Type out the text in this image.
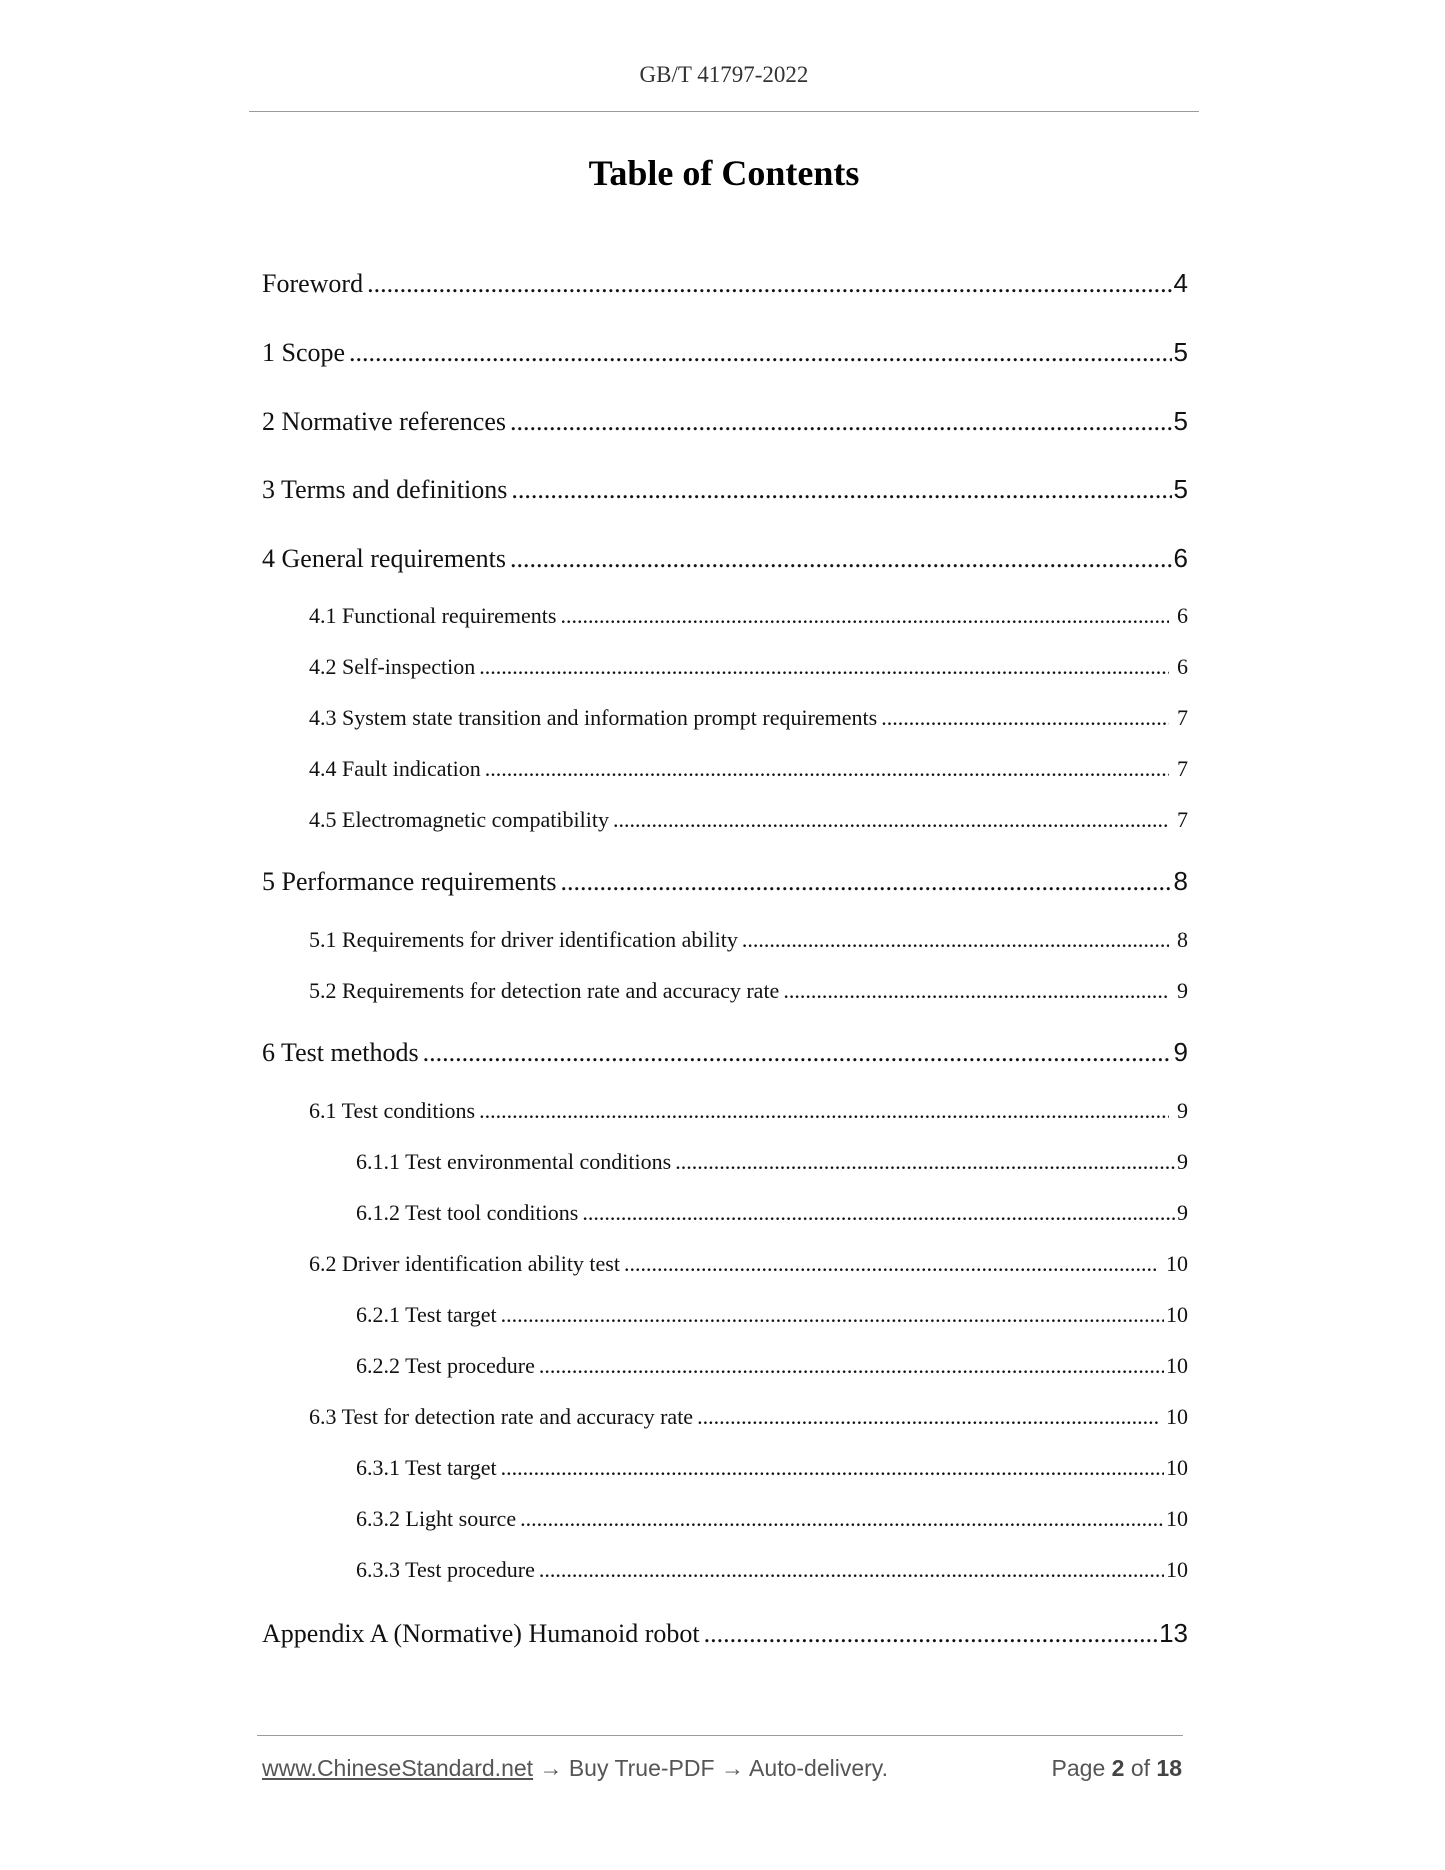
GB/T 41797-2022
Table of Contents
Foreword .....	4
1 Scope .....	5
2 Normative references .....	5
3 Terms and definitions .....	5
4 General requirements .....	6
4.1 Functional requirements .....	6
4.2 Self-inspection .....	6
4.3 System state transition and information prompt requirements .....	7
4.4 Fault indication .....	7
4.5 Electromagnetic compatibility .....	7
5 Performance requirements .....	8
5.1 Requirements for driver identification ability .....	8
5.2 Requirements for detection rate and accuracy rate .....	9
6 Test methods .....	9
6.1 Test conditions .....	9
6.1.1 Test environmental conditions .....	9
6.1.2 Test tool conditions .....	9
6.2 Driver identification ability test .....	10
6.2.1 Test target .....	10
6.2.2 Test procedure .....	10
6.3 Test for detection rate and accuracy rate .....	10
6.3.1 Test target .....	10
6.3.2 Light source .....	10
6.3.3 Test procedure .....	10
Appendix A (Normative) Humanoid robot .....	13
www.ChineseStandard.net → Buy True-PDF → Auto-delivery.	Page 2 of 18
